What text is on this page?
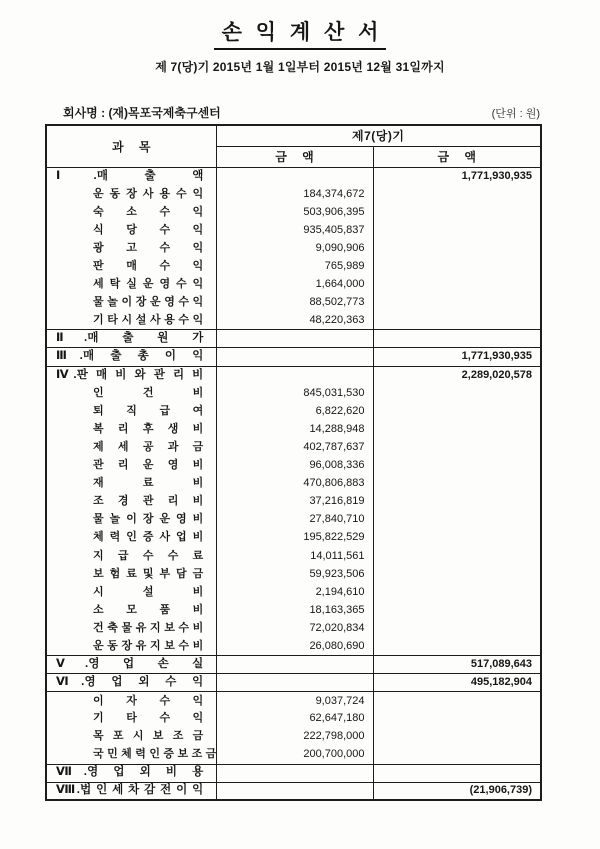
손 익 계 산 서
제 7(당)기 2015년 1월 1일부터 2015년 12월 31일까지
회사명 : (재)목포국제축구센터	(단위 : 원)
과 목	제7(당)기	
	금 액	금 액

Ⅰ.매 출 액		1,771,930,935

운 동 장 사 용 수 익	184,374,672	

숙 소 수 익	503,906,395	

식 당 수 익	935,405,837	

광 고 수 익	9,090,906	

판 매 수 익	765,989	

세 탁 실 운 영 수 익	1,664,000	

물 놀 이 장 운 영 수 익	88,502,773	

기 타 시 설 사 용 수 익	48,220,363	

Ⅱ.매 출 원 가		

Ⅲ.매 출 총 이 익		1,771,930,935

Ⅳ.판 매 비 와 관 리 비		2,289,020,578

인 건 비	845,031,530	

퇴 직 급 여	6,822,620	

복 리 후 생 비	14,288,948	

제 세 공 과 금	402,787,637	

관 리 운 영 비	96,008,336	

재 료 비	470,806,883	

조 경 관 리 비	37,216,819	

물 놀 이 장 운 영 비	27,840,710	

체 력 인 증 사 업 비	195,822,529	

지 급 수 수 료	14,011,561	

보 험 료 및 부 담 금	59,923,506	

시 설 비	2,194,610	

소 모 품 비	18,163,365	

건 축 물 유 지 보 수 비	72,020,834	

운 동 장 유 지 보 수 비	26,080,690	

Ⅴ.영 업 손 실		517,089,643

Ⅵ.영 업 외 수 익		495,182,904

이 자 수 익	9,037,724	

기 타 수 익	62,647,180	

목 포 시 보 조 금	222,798,000	

국 민 체 력 인 증 보 조 금	200,700,000	

Ⅶ.영 업 외 비 용		

Ⅷ.법 인 세 차 감 전 이 익		(21,906,739)
